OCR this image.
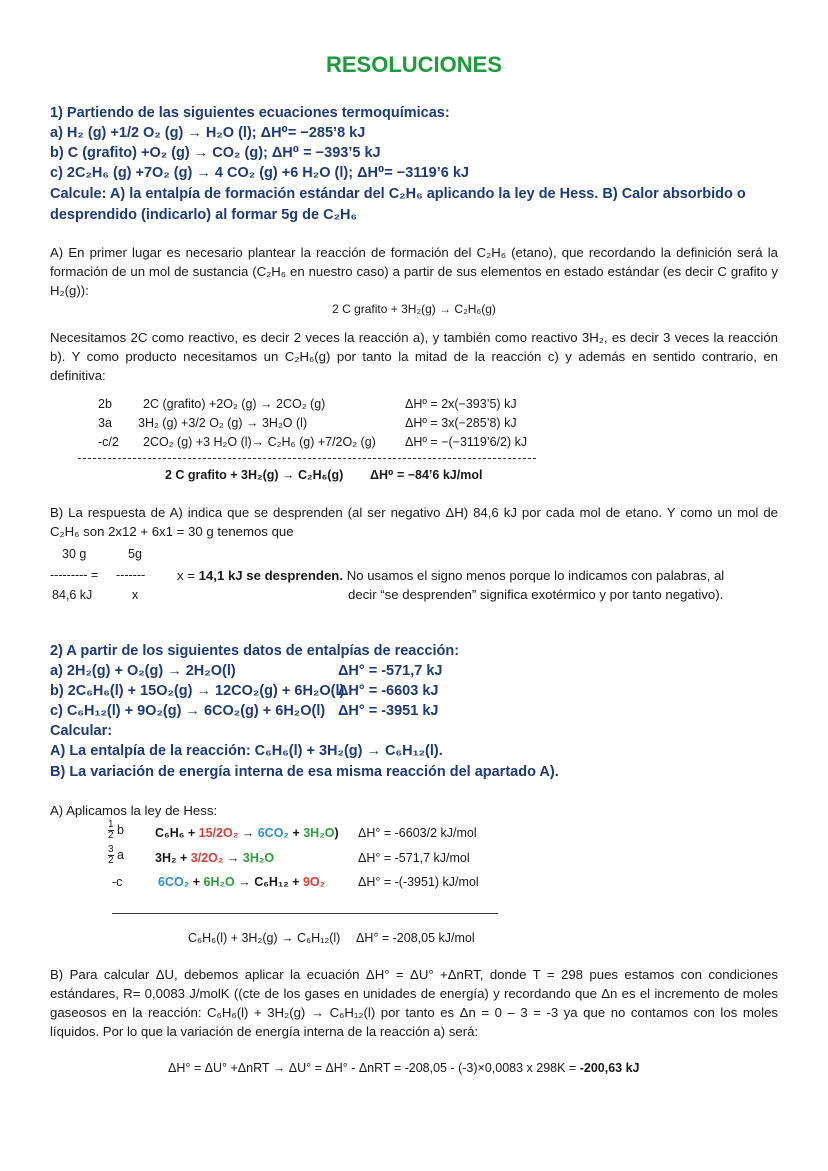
RESOLUCIONES
1) Partiendo de las siguientes ecuaciones termoquímicas:
a) H₂ (g) +1/2 O₂ (g) → H₂O (l); ΔH⁰= −285’8 kJ
b) C (grafito) +O₂ (g) → CO₂ (g); ΔH⁰ = −393’5 kJ
c) 2C₂H₆ (g) +7O₂ (g) → 4 CO₂ (g) +6 H₂O (l); ΔH⁰= −3119’6 kJ
Calcule: A) la entalpía de formación estándar del C₂H₆ aplicando la ley de Hess. B) Calor absorbido o
desprendido (indicarlo) al formar 5g de C₂H₆
A) En primer lugar es necesario plantear la reacción de formación del C₂H₆ (etano), que recordando la definición será la formación de un mol de sustancia (C₂H₆ en nuestro caso) a partir de sus elementos en estado estándar (es decir C grafito y H₂(g)):
2 C grafito + 3H₂(g) → C₂H₆(g)
Necesitamos 2C como reactivo, es decir 2 veces la reacción a), y también como reactivo 3H₂, es decir 3 veces la reacción b). Y como producto necesitamos un C₂H₆(g) por tanto la mitad de la reacción c) y además en sentido contrario, en definitiva:
2b 2C (grafito) +2O₂ (g) → 2CO₂ (g)	ΔHº = 2x(−393’5) kJ
3a 3H₂ (g) +3/2 O₂ (g) → 3H₂O (l)	ΔHº = 3x(−285’8) kJ
-c/2 2CO₂ (g) +3 H₂O (l)→ C₂H₆ (g) +7/2O₂ (g) ΔHº = −(−3119’6/2) kJ
2 C grafito + 3H₂(g) → C₂H₆(g) ΔH⁰ = −84’6 kJ/mol
B) La respuesta de A) indica que se desprenden (al ser negativo ΔH) 84,6 kJ por cada mol de etano. Y como un mol de C₂H₆ son 2x12 + 6x1 = 30 g tenemos que
30 g	5g
--------- = -------
84,6 kJ	x
x = 14,1 kJ se desprenden. No usamos el signo menos porque lo indicamos con palabras, al
decir “se desprenden” significa exotérmico y por tanto negativo).
2) A partir de los siguientes datos de entalpías de reacción:
a) 2H₂(g) + O₂(g) → 2H₂O(l)	ΔH° = -571,7 kJ
b) 2C₆H₆(l) + 15O₂(g) → 12CO₂(g) + 6H₂O(l)
ΔH° = -6603 kJ
c) C₆H₁₂(l) + 9O₂(g) → 6CO₂(g) + 6H₂O(l) ΔH° = -3951 kJ
Calcular:
A) La entalpía de la reacción: C₆H₆(l) + 3H₂(g) → C₆H₁₂(l).
B) La variación de energía interna de esa misma reacción del apartado A).
A) Aplicamos la ley de Hess:
$\frac{1}{2}$ b C₆H₆ + 15/2O₂ → 6CO₂ + 3H₂O) ΔH° = -6603/2 kJ/mol
$\frac{3}{2}$ a 3H₂ + 3/2O₂ → 3H₂O	ΔH° = -571,7 kJ/mol
-c	6CO₂ + 6H₂O → C₆H₁₂ + 9O₂	ΔH° = -(-3951) kJ/mol
C₆H₆(l) + 3H₂(g) → C₆H₁₂(l) ΔH° = -208,05 kJ/mol
B) Para calcular ΔU, debemos aplicar la ecuación ΔH° = ΔU° +ΔnRT, donde T = 298 pues estamos con condiciones estándares, R= 0,0083 J/molK ((cte de los gases en unidades de energía) y recordando que Δn es el incremento de moles gaseosos en la reacción: C₆H₆(l) + 3H₂(g) → C₆H₁₂(l) por tanto es Δn = 0 – 3 = -3 ya que no contamos con los moles líquidos. Por lo que la variación de energía interna de la reacción a) será:
ΔH° = ΔU° +ΔnRT → ΔU° = ΔH° - ΔnRT = -208,05 - (-3)×0,0083 x 298K = -200,63 kJ
